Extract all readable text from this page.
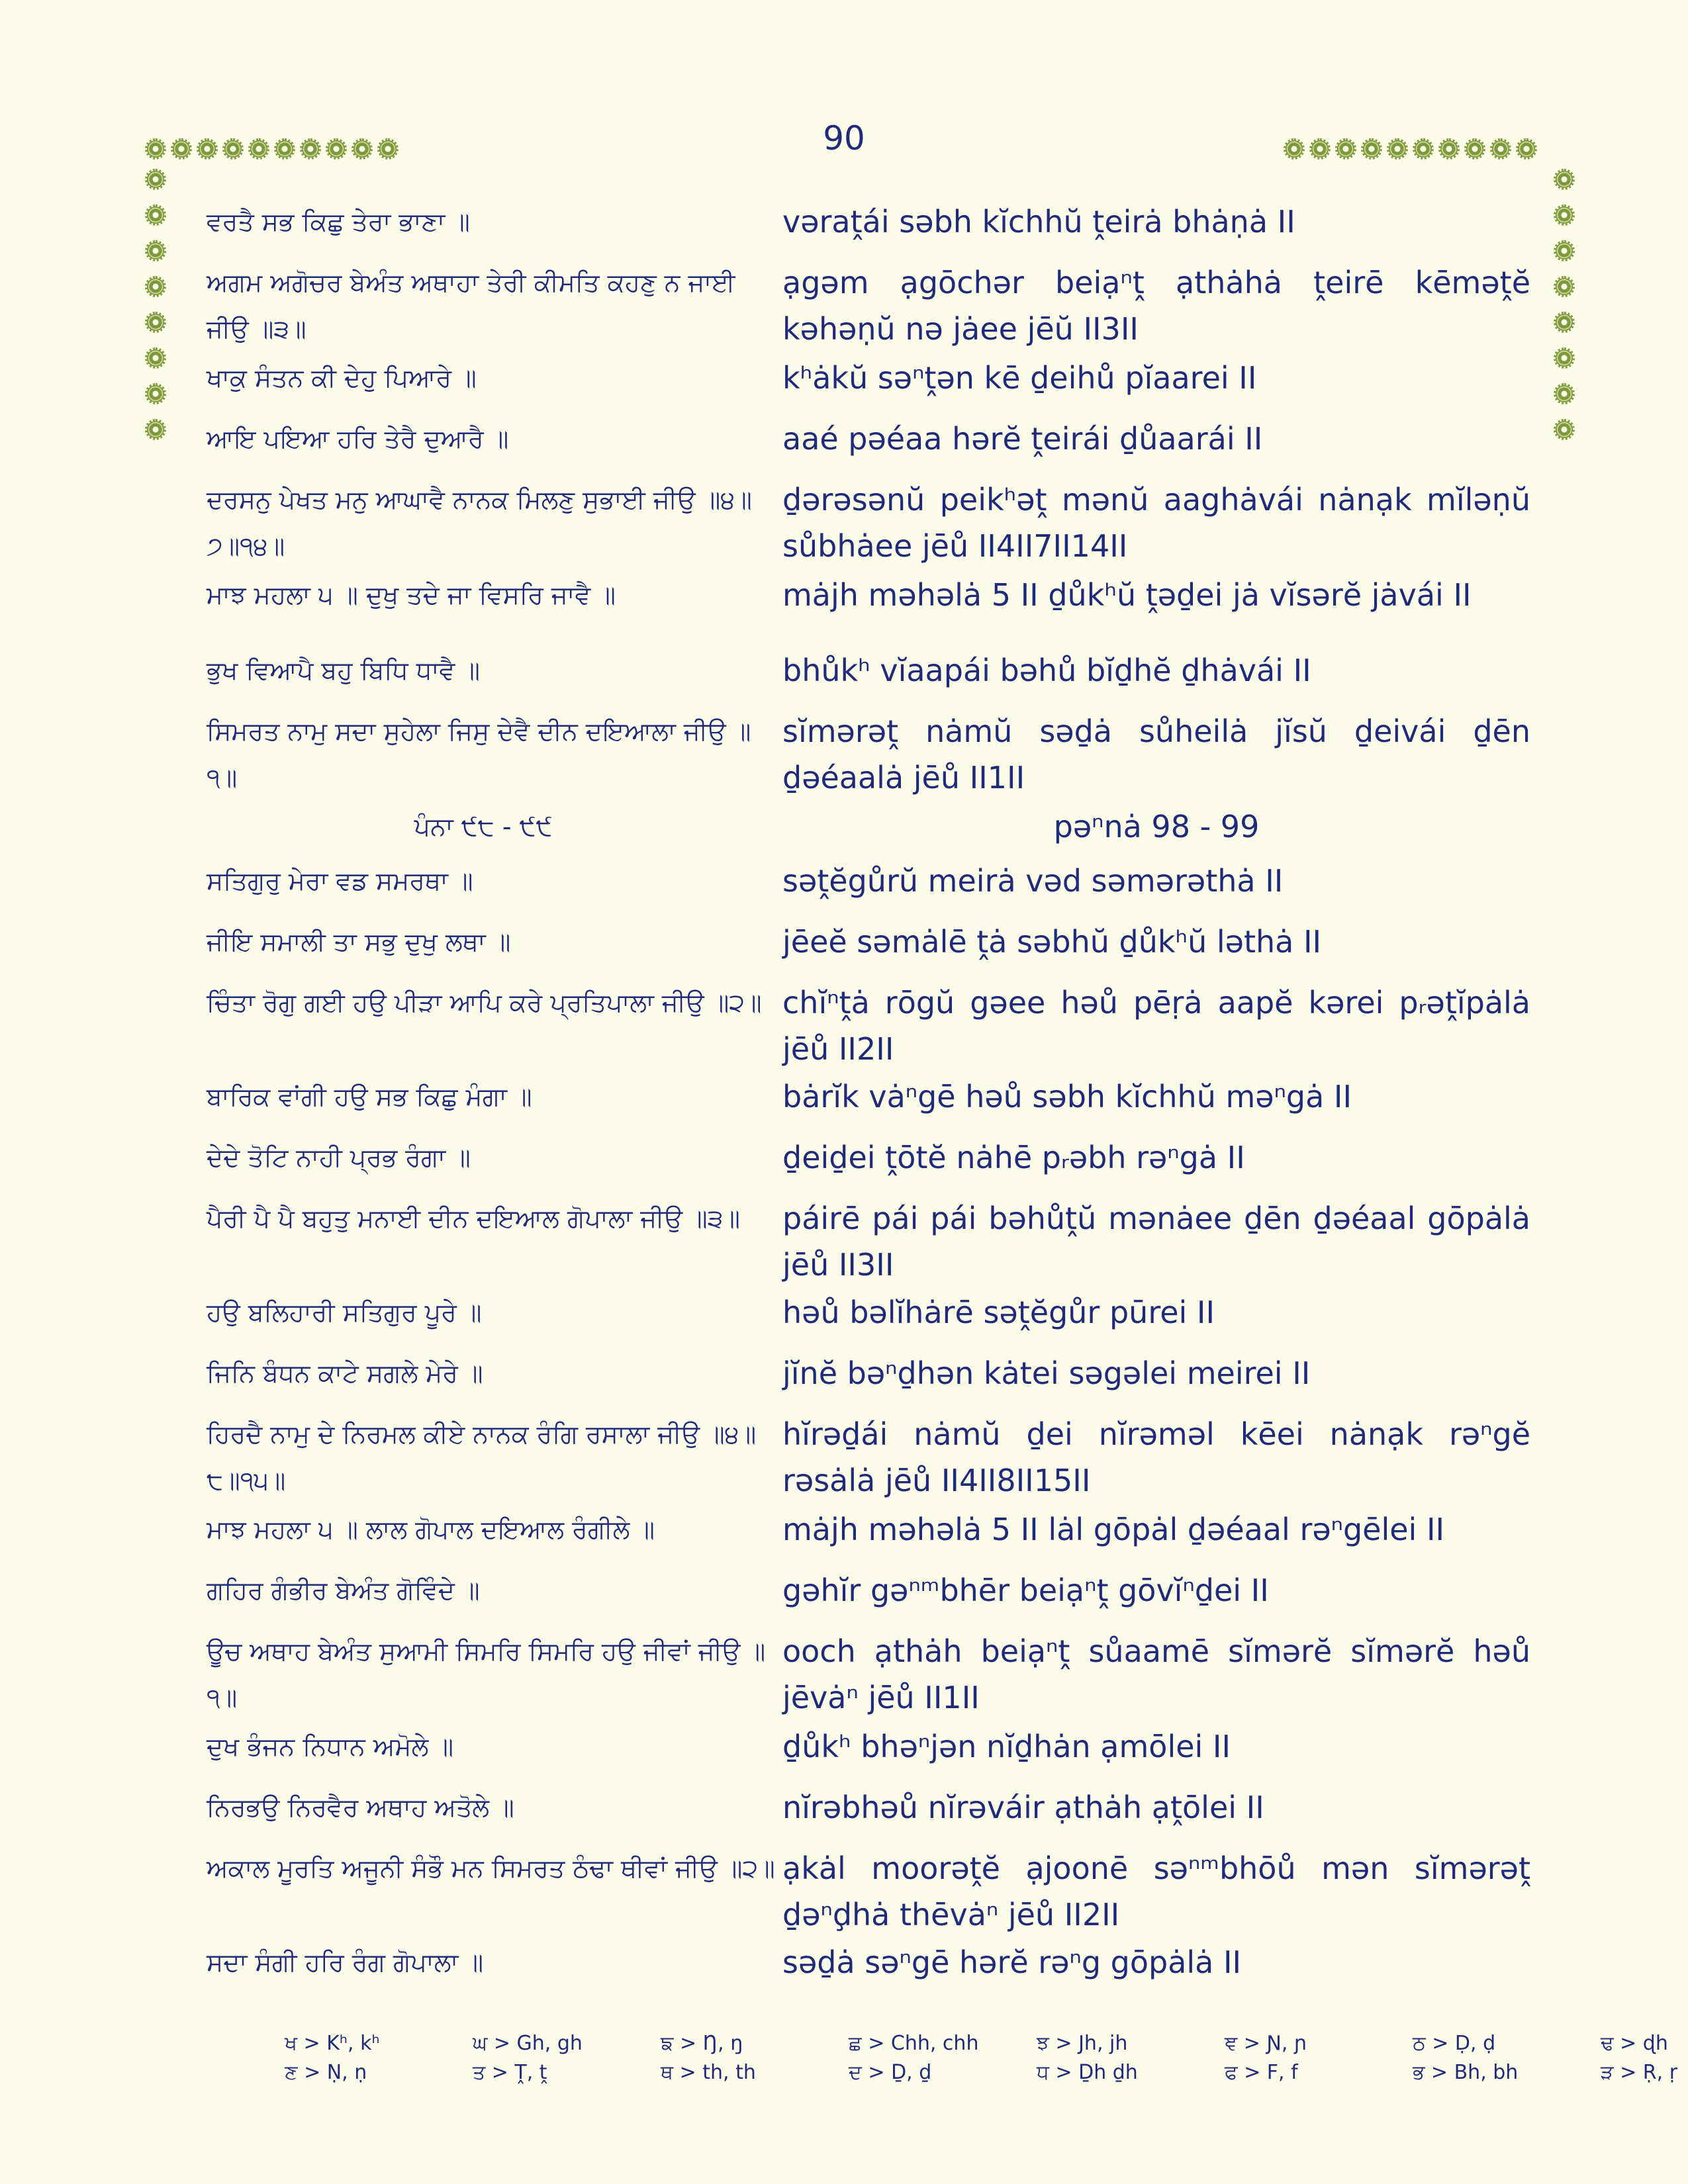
90
ਵਰਤੈ ਸਭ ਕਿਛੁ ਤੇਰਾ ਭਾਣਾ ॥	vəraṱái səbh kĭchhŭ ṱeirȧ bhȧṇȧ II
ਅਗਮ ਅਗੋਚਰ ਬੇਅੰਤ ਅਥਾਹਾ ਤੇਰੀ ਕੀਮਤਿ ਕਹਣੁ ਨ ਜਾਈ ਜੀਉ ॥੩॥
ạgəm ạgōchər beiạⁿṱ ạthȧhȧ ṱeirē kēməṱĕ kəhəṇŭ nə jȧee jēŭ II3II
ਖਾਕੁ ਸੰਤਨ ਕੀ ਦੇਹੁ ਪਿਆਰੇ ॥	kʰȧkŭ səⁿṱən kē ḏeihů pĭaarei II
ਆਇ ਪਇਆ ਹਰਿ ਤੇਰੈ ਦੁਆਰੈ ॥	aaé pəéaa hərĕ ṱeirái ḏůaarái II
ਦਰਸਨੁ ਪੇਖਤ ਮਨੁ ਆਘਾਵੈ ਨਾਨਕ ਮਿਲਣੁ ਸੁਭਾਈ ਜੀਉ ॥੪॥੭॥੧੪॥
ḏərəsənŭ peikʰəṱ mənŭ aaghȧvái nȧnạk mĭləṇŭ sůbhȧee jēů II4II7II14II
ਮਾਝ ਮਹਲਾ ੫ ॥ ਦੁਖੁ ਤਦੇ ਜਾ ਵਿਸਰਿ ਜਾਵੈ ॥	mȧjh məhəlȧ 5 II ḏůkʰŭ ṱəḏei jȧ vĭsərĕ jȧvái II
ਭੁਖ ਵਿਆਪੈ ਬਹੁ ਬਿਧਿ ਧਾਵੈ ॥	bhůkʰ vĭaapái bəhů bĭḏhĕ ḏhȧvái II
ਸਿਮਰਤ ਨਾਮੁ ਸਦਾ ਸੁਹੇਲਾ ਜਿਸੁ ਦੇਵੈ ਦੀਨ ਦਇਆਲਾ ਜੀਉ ॥੧॥
sĭmərəṱ nȧmŭ səḏȧ sůheilȧ jĭsŭ ḏeivái ḏēn ḏəéaalȧ jēů II1II
ਪੰਨਾ ੯੮ - ੯੯	pəⁿnȧ 98 - 99
ਸਤਿਗੁਰੁ ਮੇਰਾ ਵਡ ਸਮਰਥਾ ॥	səṱĕgůrŭ meirȧ vəd səmərəthȧ II
ਜੀਇ ਸਮਾਲੀ ਤਾ ਸਭੁ ਦੁਖੁ ਲਥਾ ॥	jēeĕ səmȧlē ṱȧ səbhŭ ḏůkʰŭ ləthȧ II
ਚਿੰਤਾ ਰੋਗੁ ਗਈ ਹਉ ਪੀੜਾ ਆਪਿ ਕਰੇ ਪ੍ਰਤਿਪਾਲਾ ਜੀਉ ॥੨॥ chĭⁿṱȧ rōgŭ gəee həů pēṛȧ aapĕ kərei pᵣəṱĭpȧlȧ jēů II2II
ਬਾਰਿਕ ਵਾਂਗੀ ਹਉ ਸਭ ਕਿਛੁ ਮੰਗਾ ॥	bȧrĭk vȧⁿgē həů səbh kĭchhŭ məⁿgȧ II
ਦੇਦੇ ਤੋਟਿ ਨਾਹੀ ਪ੍ਰਭ ਰੰਗਾ ॥	ḏeiḏei ṱōtĕ nȧhē pᵣəbh rəⁿgȧ II
ਪੈਰੀ ਪੈ ਪੈ ਬਹੁਤੁ ਮਨਾਈ ਦੀਨ ਦਇਆਲ ਗੋਪਾਲਾ ਜੀਉ ॥੩॥	páirē pái pái bəhůṱŭ mənȧee ḏēn ḏəéaal gōpȧlȧ jēů II3II
ਹਉ ਬਲਿਹਾਰੀ ਸਤਿਗੁਰ ਪੂਰੇ ॥	həů bəlĭhȧrē səṱĕgůr pūrei II
ਜਿਨਿ ਬੰਧਨ ਕਾਟੇ ਸਗਲੇ ਮੇਰੇ ॥	jĭnĕ bəⁿḏhən kȧtei səgəlei meirei II
ਹਿਰਦੈ ਨਾਮੁ ਦੇ ਨਿਰਮਲ ਕੀਏ ਨਾਨਕ ਰੰਗਿ ਰਸਾਲਾ ਜੀਉ ॥੪॥੮॥੧੫॥
hĭrəḏái nȧmŭ ḏei nĭrəməl kēei nȧnạk rəⁿgĕ rəsȧlȧ jēů II4II8II15II
ਮਾਝ ਮਹਲਾ ੫ ॥ ਲਾਲ ਗੋਪਾਲ ਦਇਆਲ ਰੰਗੀਲੇ ॥	mȧjh məhəlȧ 5 II lȧl gōpȧl ḏəéaal rəⁿgēlei II
ਗਹਿਰ ਗੰਭੀਰ ਬੇਅੰਤ ਗੋਵਿੰਦੇ ॥	gəhĭr gəⁿᵐbhēr beiạⁿṱ gōvĭⁿḏei II
ਊਚ ਅਥਾਹ ਬੇਅੰਤ ਸੁਆਮੀ ਸਿਮਰਿ ਸਿਮਰਿ ਹਉ ਜੀਵਾਂ ਜੀਉ ॥੧॥
ooch ạthȧh beiạⁿṱ sůaamē sĭmərĕ sĭmərĕ həů jēvȧⁿ jēů II1II
ਦੁਖ ਭੰਜਨ ਨਿਧਾਨ ਅਮੋਲੇ ॥	ḏůkʰ bhəⁿjən nĭḏhȧn ạmōlei II
ਨਿਰਭਉ ਨਿਰਵੈਰ ਅਥਾਹ ਅਤੋਲੇ ॥	nĭrəbhəů nĭrəváir ạthȧh ạṱōlei II
ਅਕਾਲ ਮੂਰਤਿ ਅਜੂਨੀ ਸੰਭੌ ਮਨ ਸਿਮਰਤ ਠੰਢਾ ਥੀਵਾਂ ਜੀਉ ॥੨॥ ạkȧl moorəṱĕ ạjoonē səⁿᵐbhōů mən sĭmərəṱ ḏəⁿḑhȧ thēvȧⁿ jēů II2II
ਸਦਾ ਸੰਗੀ ਹਰਿ ਰੰਗ ਗੋਪਾਲਾ ॥	səḏȧ səⁿgē hərĕ rəⁿg gōpȧlȧ II
ਖ > Kʰ, kʰ	ਘ > Gh, gh	ਙ > Ŋ, ŋ	ਛ > Chh, chh	ਝ > Jh, jh	ਞ > Ɲ, ɲ	ਠ > Ḍ, ḍ	ਢ > ɖh
ਣ > Ṇ, ṇ	ਤ > Ṱ, ṱ	ਥ > th, th	ਦ > Ḏ, ḏ	ਧ > Ḏh ḏh	ਫ > F, f	ਭ > Bh, bh	ੜ > Ṛ, ṛ
